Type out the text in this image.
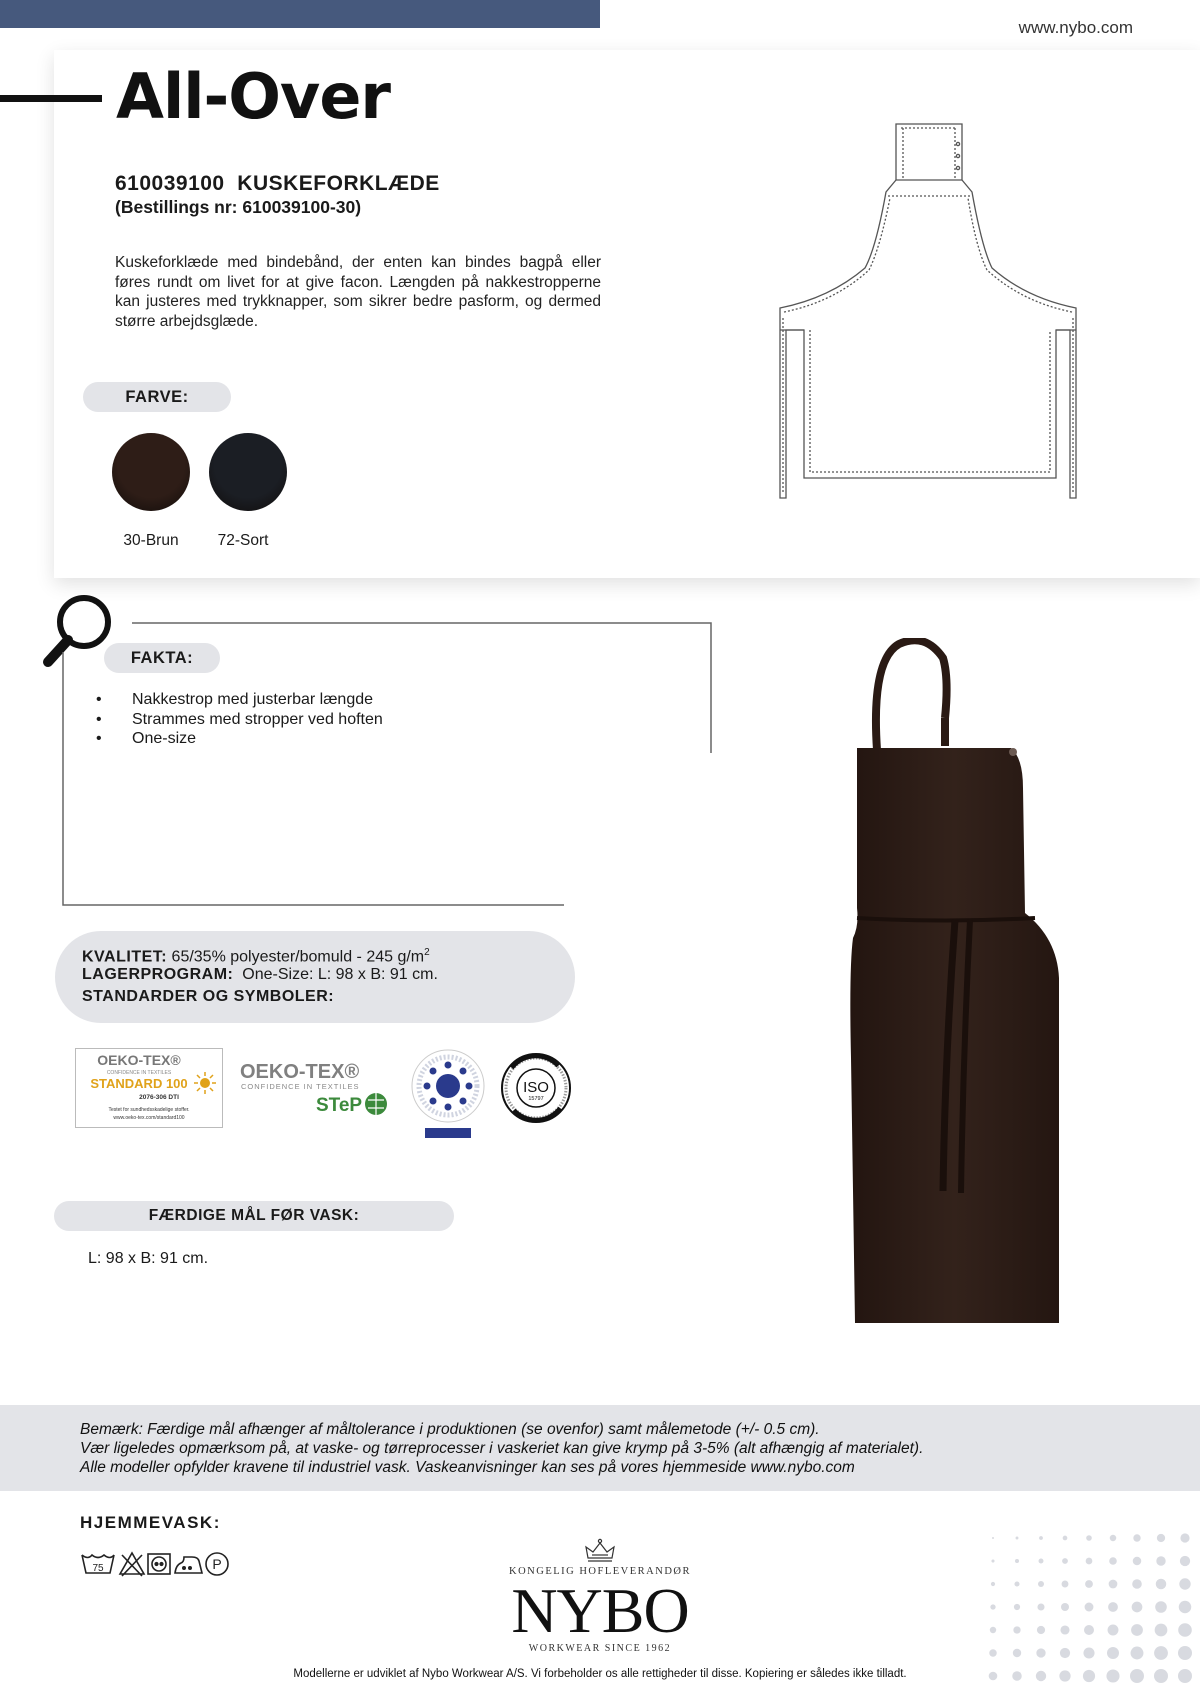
www.nybo.com
All-Over
610039100  KUSKEFORKLÆDE
(Bestillings nr: 610039100-30)
Kuskeforklæde med bindebånd, der enten kan bindes bagpå eller føres rundt om livet for at give facon. Længden på nakkestropperne kan justeres med trykknapper, som sikrer bedre pasform, og dermed større arbejdsglæde.
FARVE:
30-Brun	72-Sort
FAKTA:
• Nakkestrop med justerbar længde
• Strammes med stropper ved hoften
• One-size
KVALITET: 65/35% polyester/bomuld - 245 $g/m^2$
LAGERPROGRAM:  One-Size: L: 98 x B: 91 cm.
STANDARDER OG SYMBOLER:
OEKO-TEX®
CONFIDENCE IN TEXTILES
STANDARD 100
2076-306 DTI
Testet for sundhedsskadelige stoffer.
www.oeko-tex.com/standard100
OEKO-TEX®
CONFIDENCE IN TEXTILES
STeP
ISO
15797
FÆRDIGE MÅL FØR VASK:
L: 98 x B: 91 cm.
Bemærk: Færdige mål afhænger af måltolerance i produktionen (se ovenfor) samt målemetode (+/- 0.5 cm).
Vær ligeledes opmærksom på, at vaske- og tørreprocesser i vaskeriet kan give krymp på 3-5% (alt afhængig af materialet).
Alle modeller opfylder kravene til industriel vask. Vaskeanvisninger kan ses på vores hjemmeside www.nybo.com
HJEMMEVASK:
75	P	KONGELIG HOFLEVERANDØR
NYBO
WORKWEAR SINCE 1962
Modellerne er udviklet af Nybo Workwear A/S. Vi forbeholder os alle rettigheder til disse. Kopiering er således ikke tilladt.
